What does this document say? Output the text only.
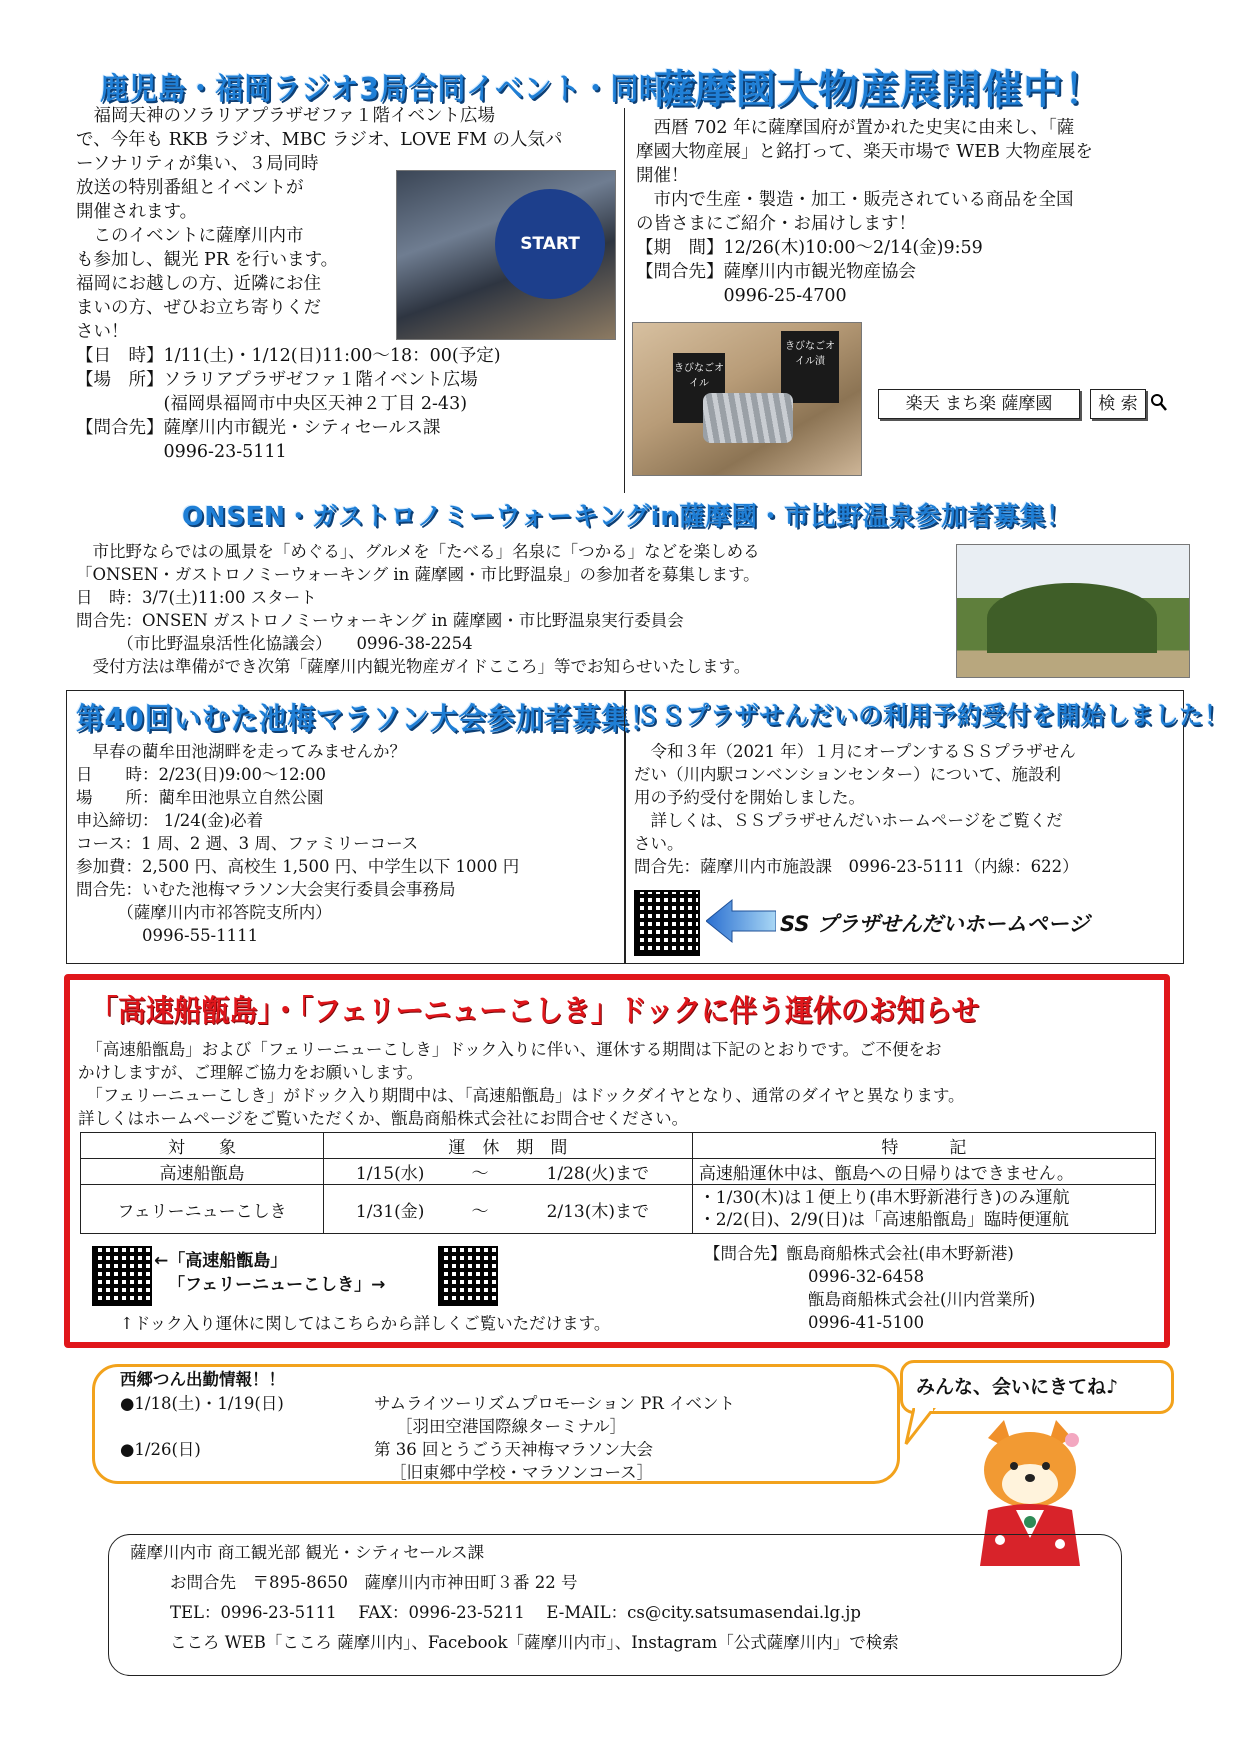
鹿児島・福岡ラジオ3局合同イベント・同時放送
　福岡天神のソラリアプラザゼファ１階イベント広場
で、今年も RKB ラジオ、MBC ラジオ、LOVE FM の人気パ
ーソナリティが集い、３局同時
放送の特別番組とイベントが
開催されます。
　このイベントに薩摩川内市
も参加し、観光 PR を行います。
福岡にお越しの方、近隣にお住
まいの方、ぜひお立ち寄りくだ
さい！
【日　時】1/11(土)・1/12(日)11:00～18：00(予定)
【場　所】ソラリアプラザゼファ１階イベント広場
　　　　　(福岡県福岡市中央区天神２丁目 2-43)
【問合先】薩摩川内市観光・シティセールス課
　　　　　0996-23-5111
START
薩摩國大物産展開催中！
　西暦 702 年に薩摩国府が置かれた史実に由来し、「薩
摩國大物産展」と銘打って、楽天市場で WEB 大物産展を
開催！
　市内で生産・製造・加工・販売されている商品を全国
の皆さまにご紹介・お届けします！
【期　間】12/26(木)10:00～2/14(金)9:59
【問合先】薩摩川内市観光物産協会
　　　　　0996-25-4700
きびなごオイル
きびなごオイル漬
楽天 まち楽 薩摩國	検 索
ONSEN・ガストロノミーウォーキングin薩摩國・市比野温泉参加者募集！
　市比野ならではの風景を「めぐる」、グルメを「たべる」名泉に「つかる」などを楽しめる
「ONSEN・ガストロノミーウォーキング in 薩摩國・市比野温泉」の参加者を募集します。
日　時：3/7(土)11:00 スタート
問合先：ONSEN ガストロノミーウォーキング in 薩摩國・市比野温泉実行委員会
　　　（市比野温泉活性化協議会）　　0996-38-2254
　受付方法は準備ができ次第「薩摩川内観光物産ガイドこころ」等でお知らせいたします。
第40回いむた池梅マラソン大会参加者募集！
　早春の藺牟田池湖畔を走ってみませんか？
日　　時：2/23(日)9:00～12:00
場　　所：藺牟田池県立自然公園
申込締切： 1/24(金)必着
コース：1 周、2 週、3 周、ファミリーコース
参加費：2,500 円、高校生 1,500 円、中学生以下 1000 円
問合先：いむた池梅マラソン大会実行委員会事務局
　　　（薩摩川内市祁答院支所内）
　　　　0996-55-1111
ＳＳプラザせんだいの利用予約受付を開始しました！
　令和３年（2021 年）１月にオープンするＳＳプラザせん
だい（川内駅コンベンションセンター）について、施設利
用の予約受付を開始しました。
　詳しくは、ＳＳプラザせんだいホームページをご覧くだ
さい。
問合先：薩摩川内市施設課　0996-23-5111（内線：622）
SS プラザせんだいホームページ
「高速船甑島」・「フェリーニューこしき」ドックに伴う運休のお知らせ
　「高速船甑島」および「フェリーニューこしき」ドック入りに伴い、運休する期間は下記のとおりです。ご不便をお
かけしますが、ご理解ご協力をお願いします。
　「フェリーニューこしき」がドック入り期間中は、「高速船甑島」はドックダイヤとなり、通常のダイヤと異なります。
詳しくはホームページをご覧いただくか、甑島商船株式会社にお問合せください。
対　　象	運　休　期　間			特　　　記
高速船甑島	1/15(水)	～	1/28(火)まで	高速船運休中は、甑島への日帰りはできません。
フェリーニューこしき	1/31(金)	～	2/13(木)まで	・1/30(木)は１便上り(串木野新港行き)のみ運航
・2/2(日)、2/9(日)は「高速船甑島」臨時便運航
←「高速船甑島」
「フェリーニューこしき」→
↑ドック入り運休に関してはこちらから詳しくご覧いただけます。
【問合先】甑島商船株式会社(串木野新港)
0996-32-6458
甑島商船株式会社(川内営業所)
0996-41-5100
西郷つん出勤情報！！
●1/18(土)・1/19(日)	サムライツーリズムプロモーション PR イベント
［羽田空港国際線ターミナル］
●1/26(日)	第 36 回とうごう天神梅マラソン大会
［旧東郷中学校・マラソンコース］
みんな、会いにきてね♪
薩摩川内市 商工観光部 観光・シティセールス課
お問合先　〒895-8650　薩摩川内市神田町３番 22 号
TEL：0996-23-5111　 FAX：0996-23-5211　 E-MAIL：cs@city.satsumasendai.lg.jp
こころ WEB「こころ 薩摩川内」、Facebook「薩摩川内市」、Instagram「公式薩摩川内」で検索
